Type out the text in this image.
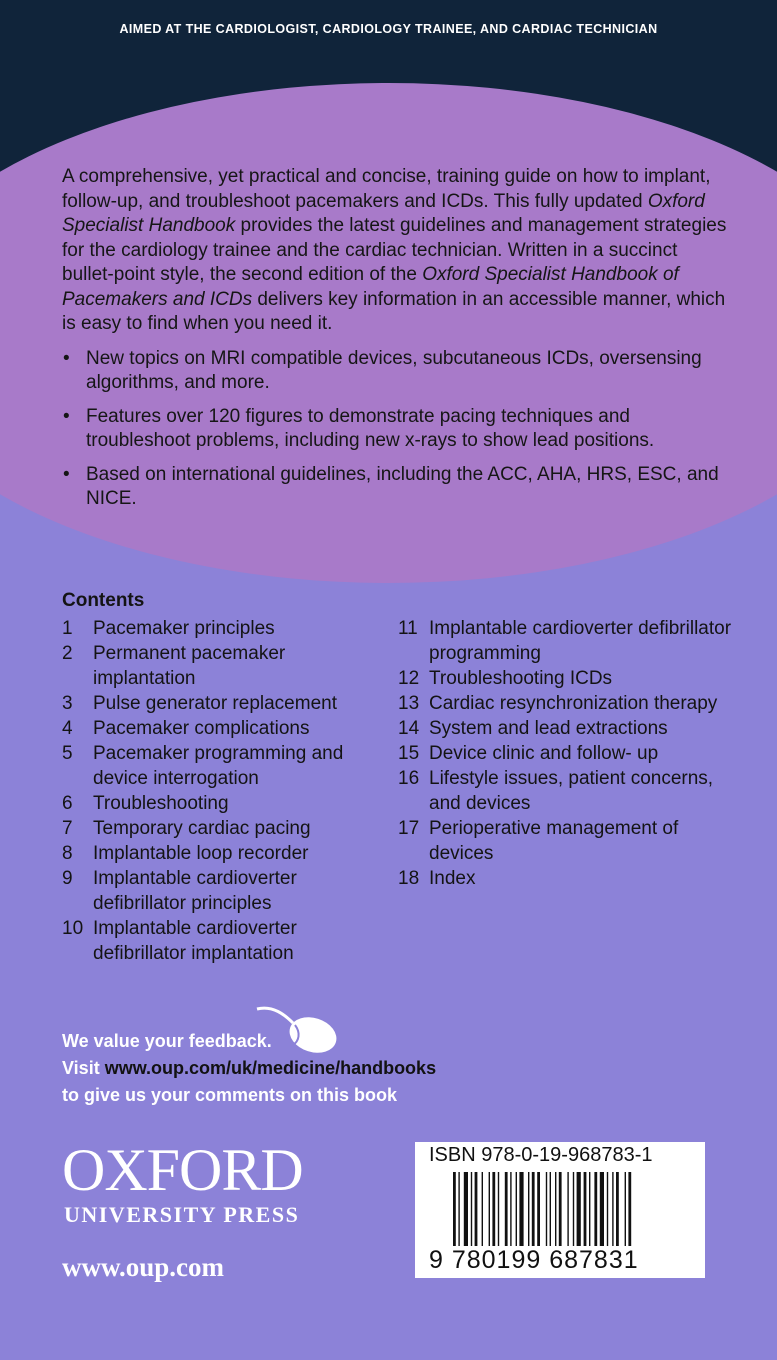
AIMED AT THE CARDIOLOGIST, CARDIOLOGY TRAINEE, AND CARDIAC TECHNICIAN

A comprehensive, yet practical and concise, training guide on how to implant, follow-up, and troubleshoot pacemakers and ICDs. This fully updated Oxford Specialist Handbook provides the latest guidelines and management strategies for the cardiology trainee and the cardiac technician. Written in a succinct bullet-point style, the second edition of the Oxford Specialist Handbook of Pacemakers and ICDs delivers key information in an accessible manner, which is easy to find when you need it.

• New topics on MRI compatible devices, subcutaneous ICDs, oversensing algorithms, and more.
• Features over 120 figures to demonstrate pacing techniques and troubleshoot problems, including new x-rays to show lead positions.
• Based on international guidelines, including the ACC, AHA, HRS, ESC, and NICE.
Contents
1 Pacemaker principles
2 Permanent pacemaker implantation
3 Pulse generator replacement
4 Pacemaker complications
5 Pacemaker programming and device interrogation
6 Troubleshooting
7 Temporary cardiac pacing
8 Implantable loop recorder
9 Implantable cardioverter defibrillator principles
10 Implantable cardioverter defibrillator implantation
11 Implantable cardioverter defibrillator programming
12 Troubleshooting ICDs
13 Cardiac resynchronization therapy
14 System and lead extractions
15 Device clinic and follow- up
16 Lifestyle issues, patient concerns, and devices
17 Perioperative management of devices
18 Index
We value your feedback.
Visit www.oup.com/uk/medicine/handbooks
to give us your comments on this book
OXFORD
UNIVERSITY PRESS
www.oup.com
ISBN 978-0-19-968783-1
9 780199 687831
